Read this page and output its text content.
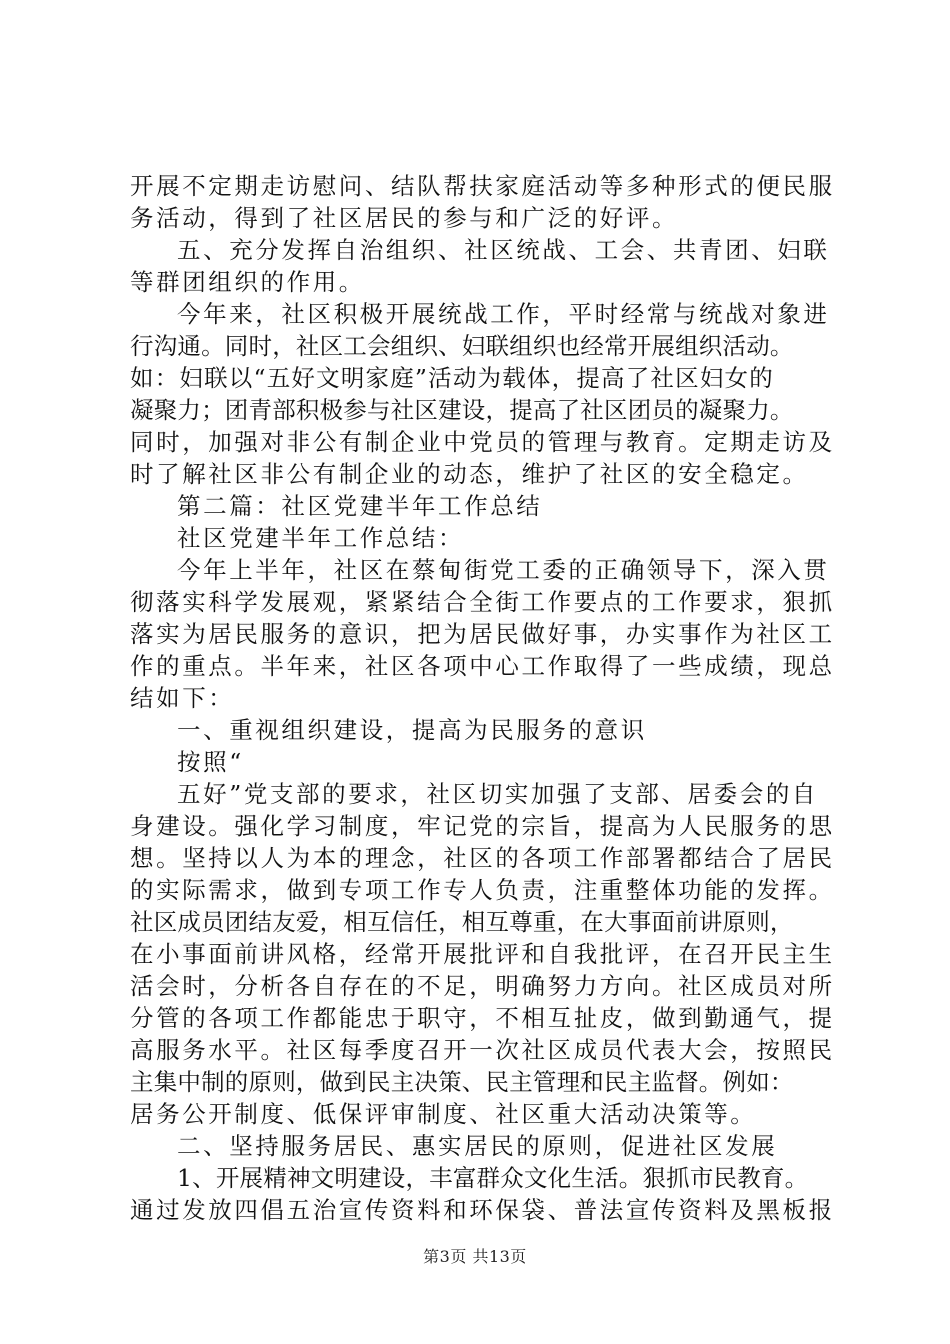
开展不定期走访慰问、结队帮扶家庭活动等多种形式的便民服
务活动，得到了社区居民的参与和广泛的好评。
五、充分发挥自治组织、社区统战、工会、共青团、妇联
等群团组织的作用。
今年来，社区积极开展统战工作，平时经常与统战对象进
行沟通。同时，社区工会组织、妇联组织也经常开展组织活动。
如：妇联以“五好文明家庭”活动为载体，提高了社区妇女的
凝聚力；团青部积极参与社区建设，提高了社区团员的凝聚力。
同时，加强对非公有制企业中党员的管理与教育。定期走访及
时了解社区非公有制企业的动态，维护了社区的安全稳定。
第二篇：社区党建半年工作总结
社区党建半年工作总结：
今年上半年，社区在蔡甸街党工委的正确领导下，深入贯
彻落实科学发展观，紧紧结合全街工作要点的工作要求，狠抓
落实为居民服务的意识，把为居民做好事，办实事作为社区工
作的重点。半年来，社区各项中心工作取得了一些成绩，现总
结如下：
一、重视组织建设，提高为民服务的意识
按照“
五好”党支部的要求，社区切实加强了支部、居委会的自
身建设。强化学习制度，牢记党的宗旨，提高为人民服务的思
想。坚持以人为本的理念，社区的各项工作部署都结合了居民
的实际需求，做到专项工作专人负责，注重整体功能的发挥。
社区成员团结友爱，相互信任，相互尊重，在大事面前讲原则，
在小事面前讲风格，经常开展批评和自我批评，在召开民主生
活会时，分析各自存在的不足，明确努力方向。社区成员对所
分管的各项工作都能忠于职守，不相互扯皮，做到勤通气，提
高服务水平。社区每季度召开一次社区成员代表大会，按照民
主集中制的原则，做到民主决策、民主管理和民主监督。例如：
居务公开制度、低保评审制度、社区重大活动决策等。
二、坚持服务居民、惠实居民的原则，促进社区发展
1、开展精神文明建设，丰富群众文化生活。狠抓市民教育。
通过发放四倡五治宣传资料和环保袋、普法宣传资料及黑板报
第3页 共13页
